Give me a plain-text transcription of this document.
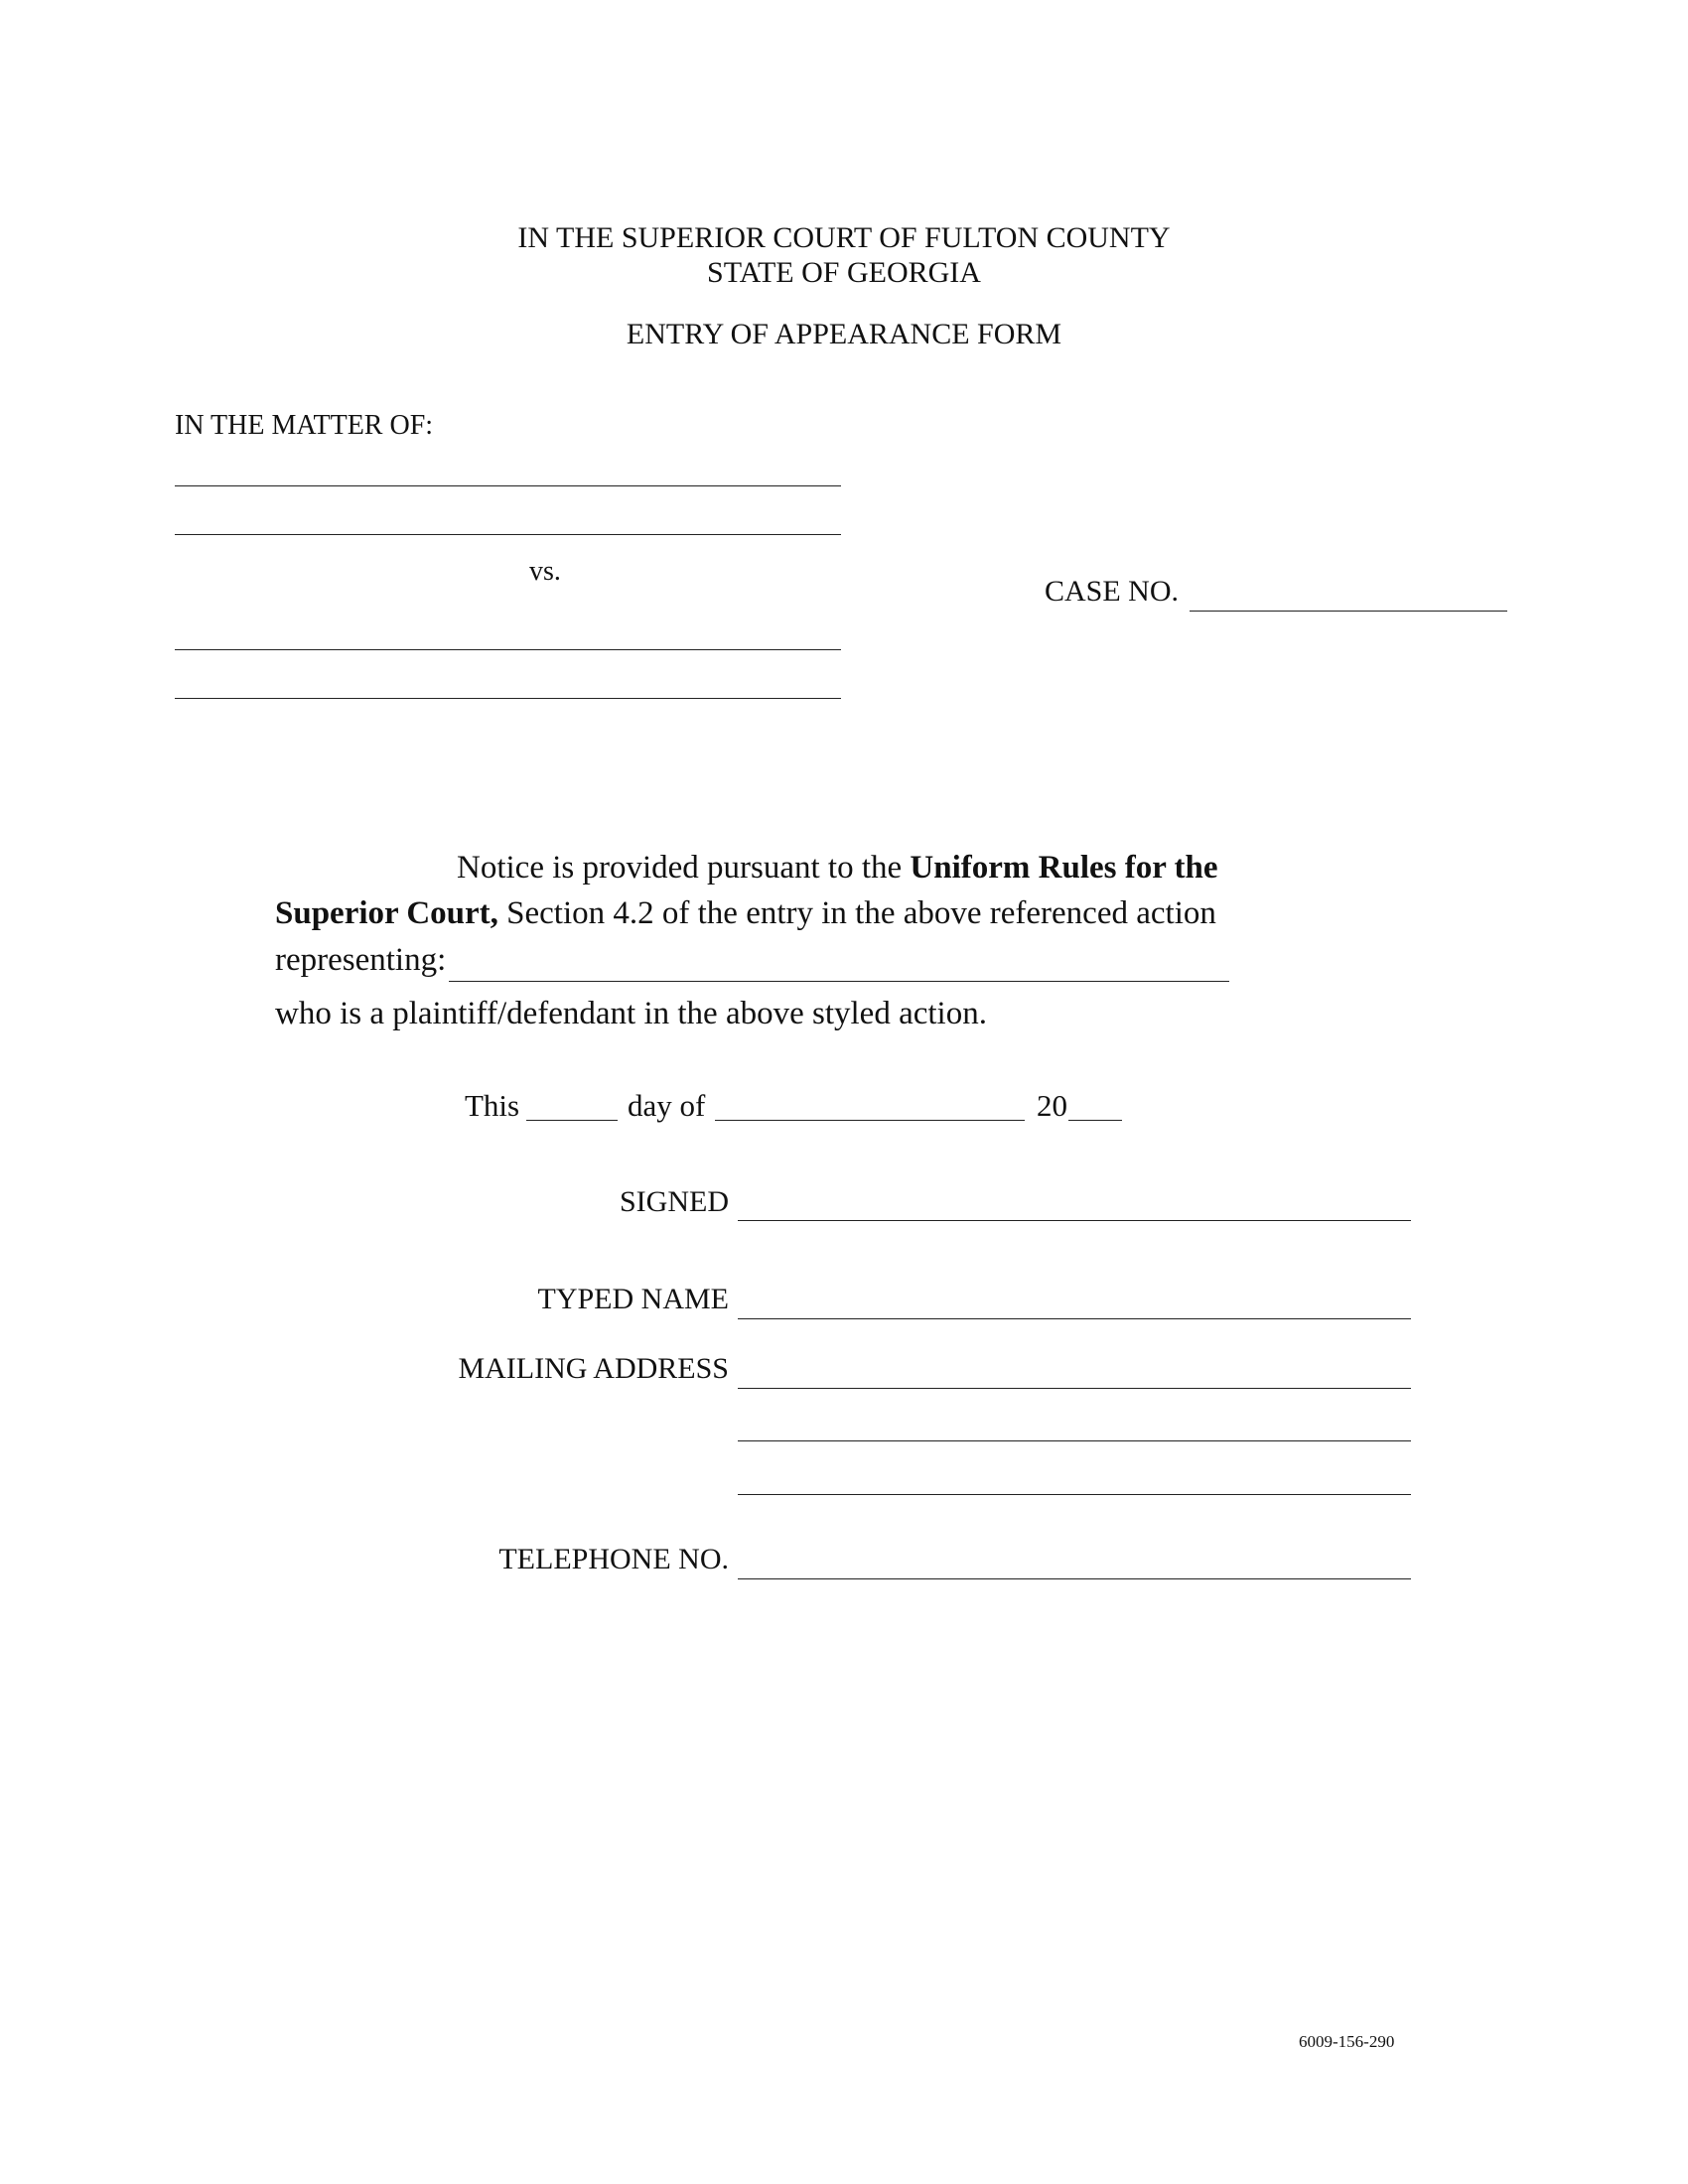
IN THE SUPERIOR COURT OF FULTON COUNTY
STATE OF GEORGIA
ENTRY OF APPEARANCE FORM
IN THE MATTER OF:
vs.
CASE NO.
Notice is provided pursuant to the Uniform Rules for the
Superior Court, Section 4.2 of the entry in the above referenced action
representing:
who is a plaintiff/defendant in the above styled action.
This	day of	20
SIGNED
TYPED NAME
MAILING ADDRESS
TELEPHONE NO.
6009-156-290
